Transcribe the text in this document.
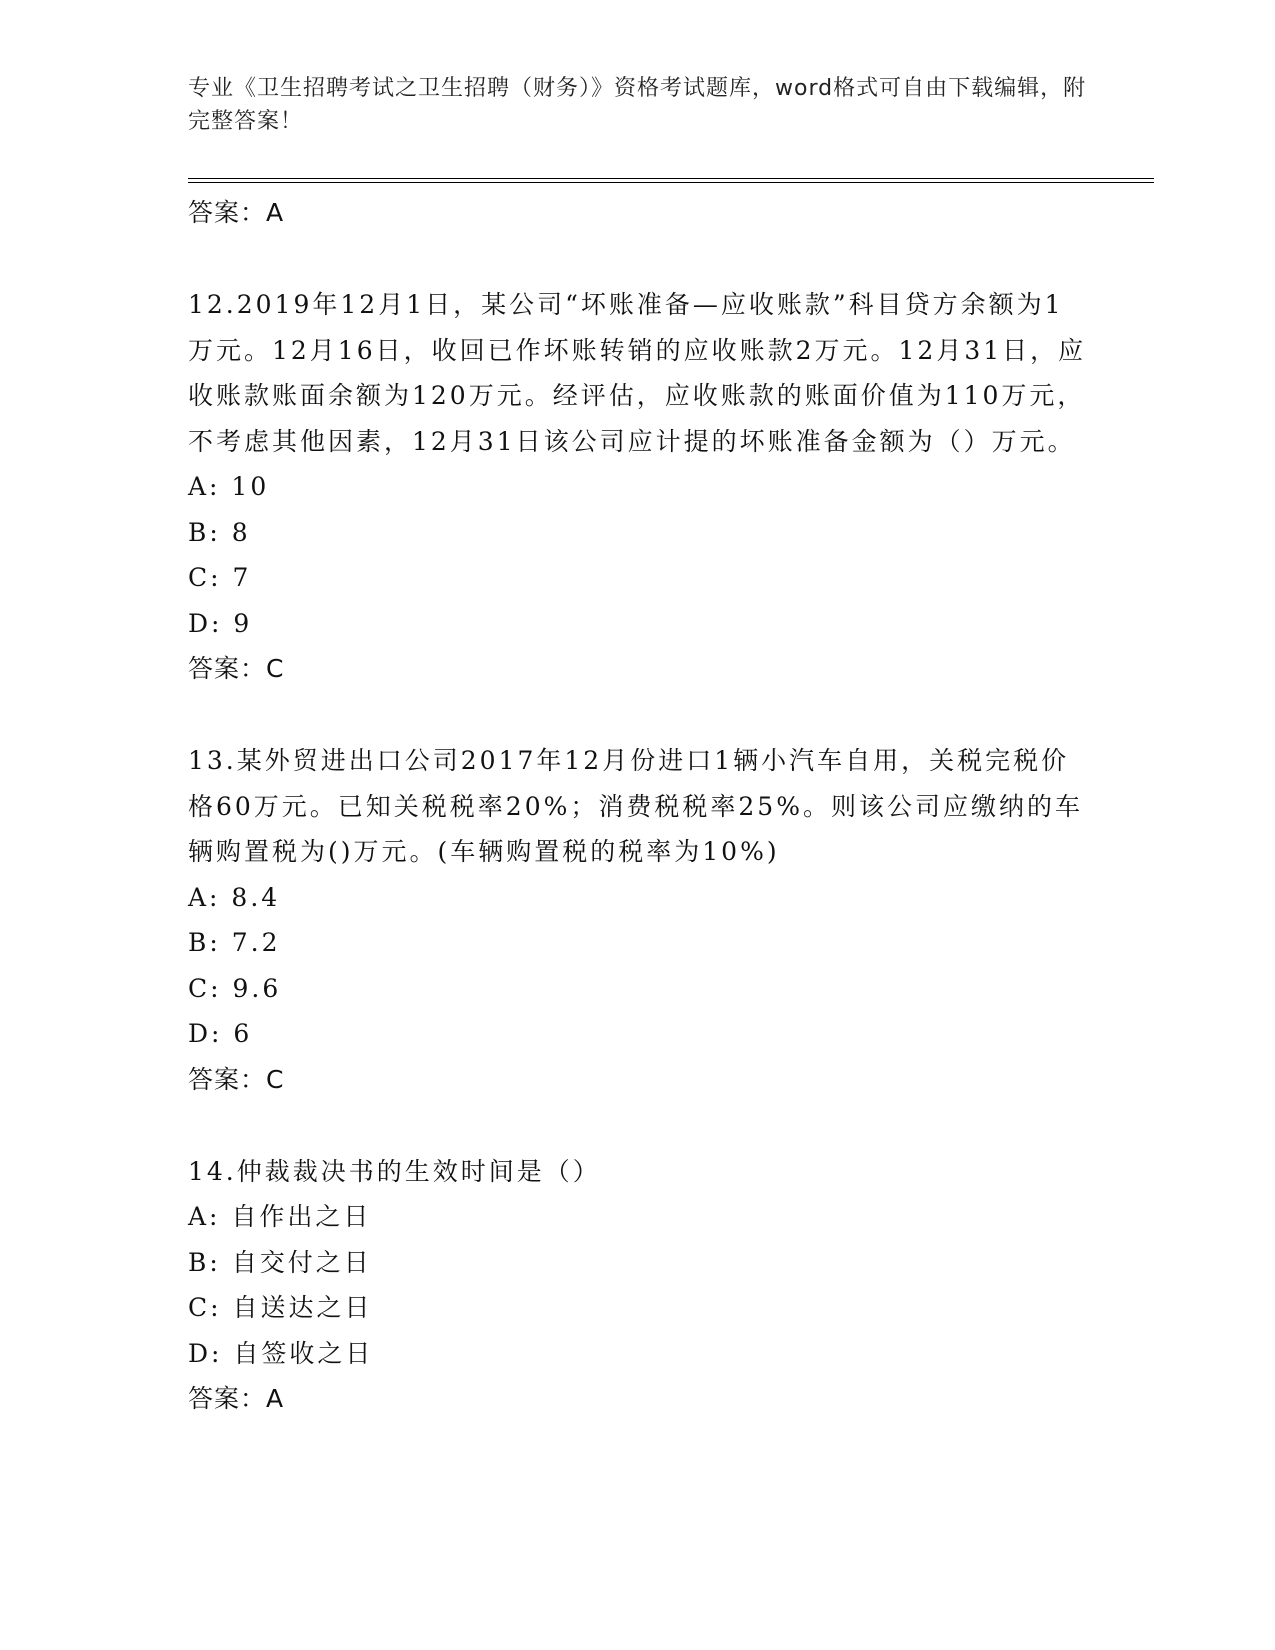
专业《卫生招聘考试之卫生招聘（财务）》资格考试题库，word格式可自由下载编辑，附完整答案！
答案：A
12.2019年12月1日，某公司“坏账准备—应收账款”科目贷方余额为1万元。12月16日，收回已作坏账转销的应收账款2万元。12月31日，应收账款账面余额为120万元。经评估，应收账款的账面价值为110万元，不考虑其他因素，12月31日该公司应计提的坏账准备金额为（）万元。
A: 10
B: 8
C: 7
D: 9
答案：C
13.某外贸进出口公司2017年12月份进口1辆小汽车自用，关税完税价格60万元。已知关税税率20%；消费税税率25%。则该公司应缴纳的车辆购置税为()万元。(车辆购置税的税率为10%)
A: 8.4
B: 7.2
C: 9.6
D: 6
答案：C
14.仲裁裁决书的生效时间是（）
A: 自作出之日
B: 自交付之日
C: 自送达之日
D: 自签收之日
答案：A
